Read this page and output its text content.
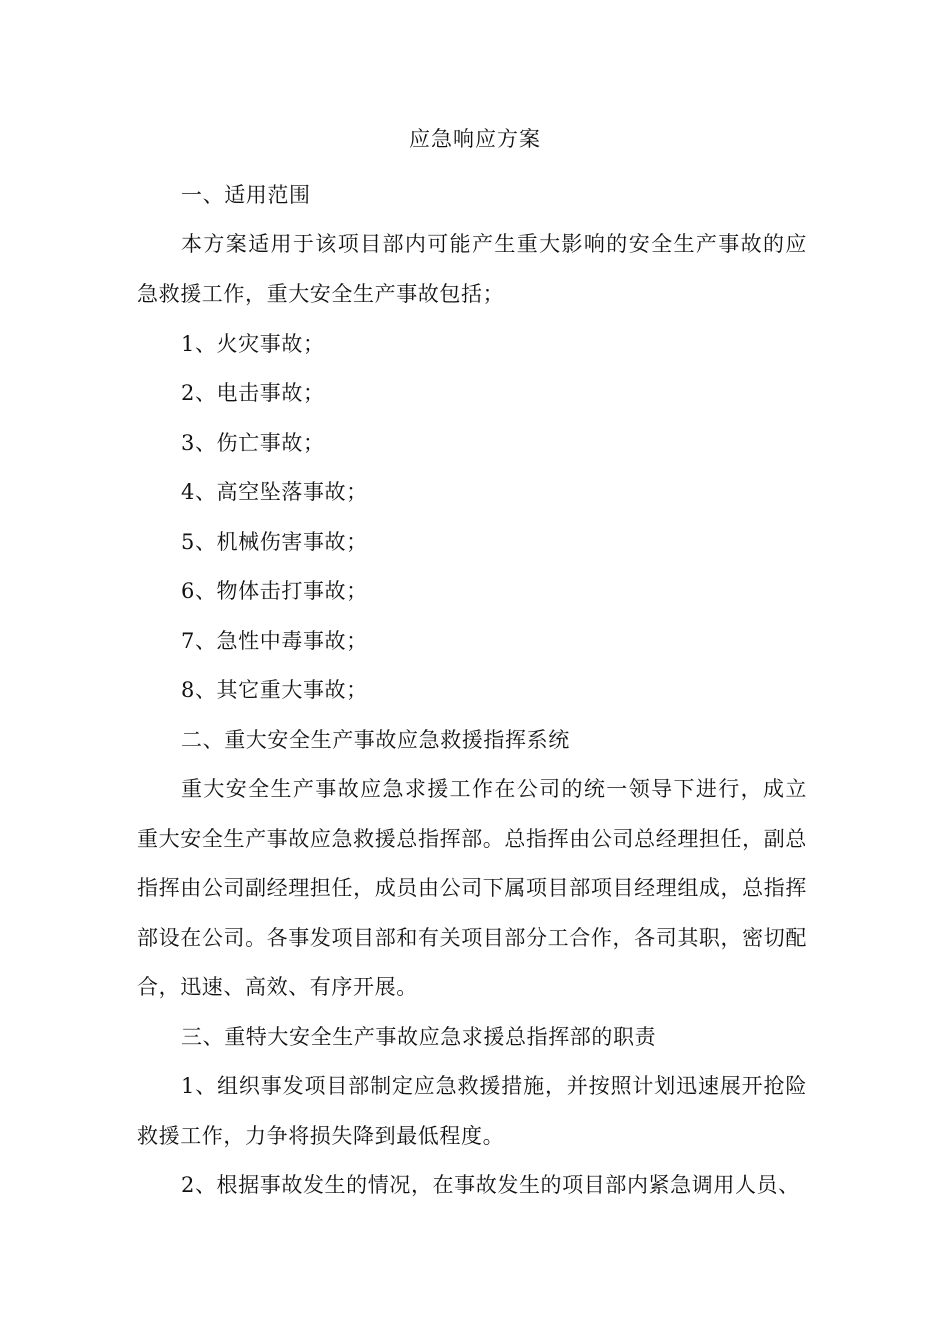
应急响应方案
一、适用范围
本方案适用于该项目部内可能产生重大影响的安全生产事故的应急救援工作，重大安全生产事故包括；
1、火灾事故；
2、电击事故；
3、伤亡事故；
4、高空坠落事故；
5、机械伤害事故；
6、物体击打事故；
7、急性中毒事故；
8、其它重大事故；
二、重大安全生产事故应急救援指挥系统
重大安全生产事故应急求援工作在公司的统一领导下进行，成立重大安全生产事故应急救援总指挥部。总指挥由公司总经理担任，副总指挥由公司副经理担任，成员由公司下属项目部项目经理组成，总指挥部设在公司。各事发项目部和有关项目部分工合作，各司其职，密切配合，迅速、高效、有序开展。
三、重特大安全生产事故应急求援总指挥部的职责
1、组织事发项目部制定应急救援措施，并按照计划迅速展开抢险救援工作，力争将损失降到最低程度。
2、根据事故发生的情况，在事故发生的项目部内紧急调用人员、
